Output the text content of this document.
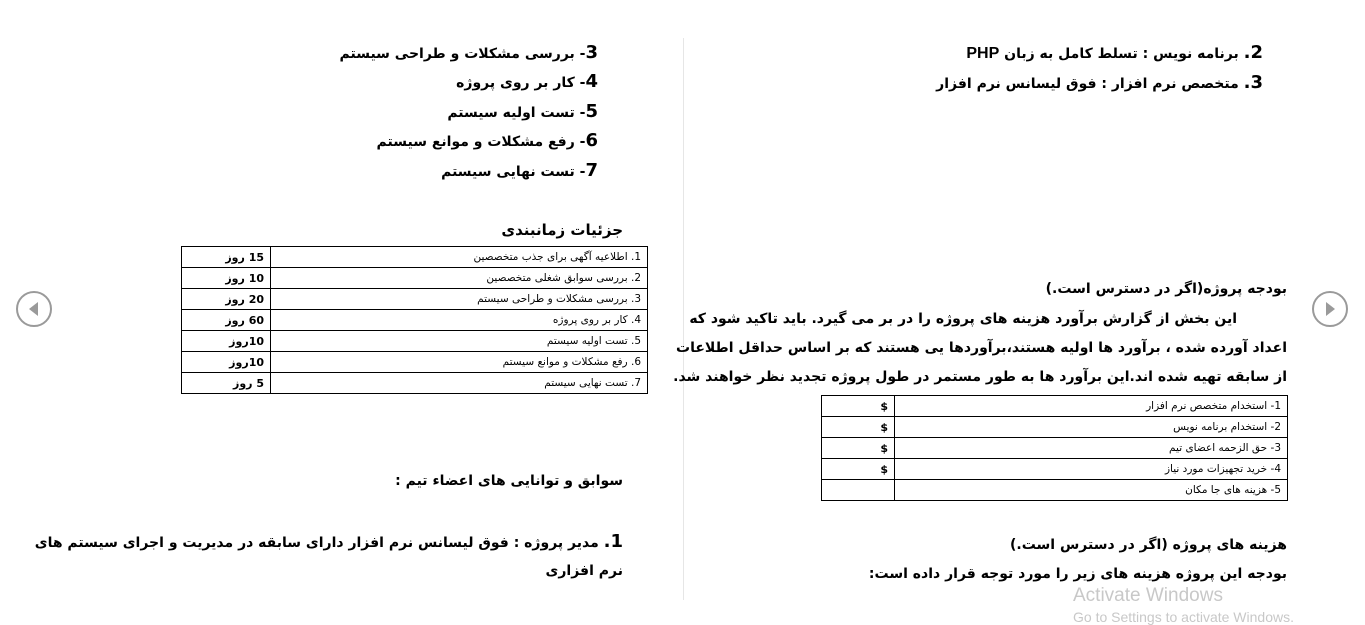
3- بررسی مشکلات و طراحی سیستم
4- کار بر روی پروژه
5- تست اولیه سیستم
6- رفع مشکلات و موانع سیستم
7- تست نهایی سیستم
جزئیات زمانبندی
1. اطلاعیه آگهی برای جذب متخصصین	15 روز
2. بررسی سوابق شغلی متخصصین	10 روز
3. بررسی مشکلات و طراحی سیستم	20 روز
4. کار بر روی پروژه	60 روز
5. تست اولیه سیستم	10روز
6. رفع مشکلات و موانع سیستم	10روز
7. تست نهایی سیستم	5 روز
سوابق و توانایی های اعضاء تیم :
1. مدیر پروژه : فوق لیسانس نرم افزار دارای سابقه در مدیریت و اجرای سیستم های
نرم افزاری
2. برنامه نویس : تسلط کامل به زبان PHP
3. متخصص نرم افزار : فوق لیسانس نرم افزار
بودجه پروژه(اگر در دسترس است.)
این بخش از گزارش برآورد هزینه های پروژه را در بر می گیرد. باید تاکید شود که
اعداد آورده شده ، برآورد ها اولیه هستند،برآوردها یی هستند که بر اساس حداقل اطلاعات
از سابقه تهیه شده اند.این برآورد ها به طور مستمر در طول پروژه تجدید نظر خواهند شد.
1- استخدام متخصص نرم افزار	$
2- استخدام برنامه نویس	$
3- حق الزحمه اعضای تیم	$
4- خرید تجهیزات مورد نیاز	$
5- هزینه های جا مکان	
هزینه های پروژه (اگر در دسترس است.)
بودجه این پروژه هزینه های زیر را مورد توجه قرار داده است:
Activate Windows
Go to Settings to activate Windows.
